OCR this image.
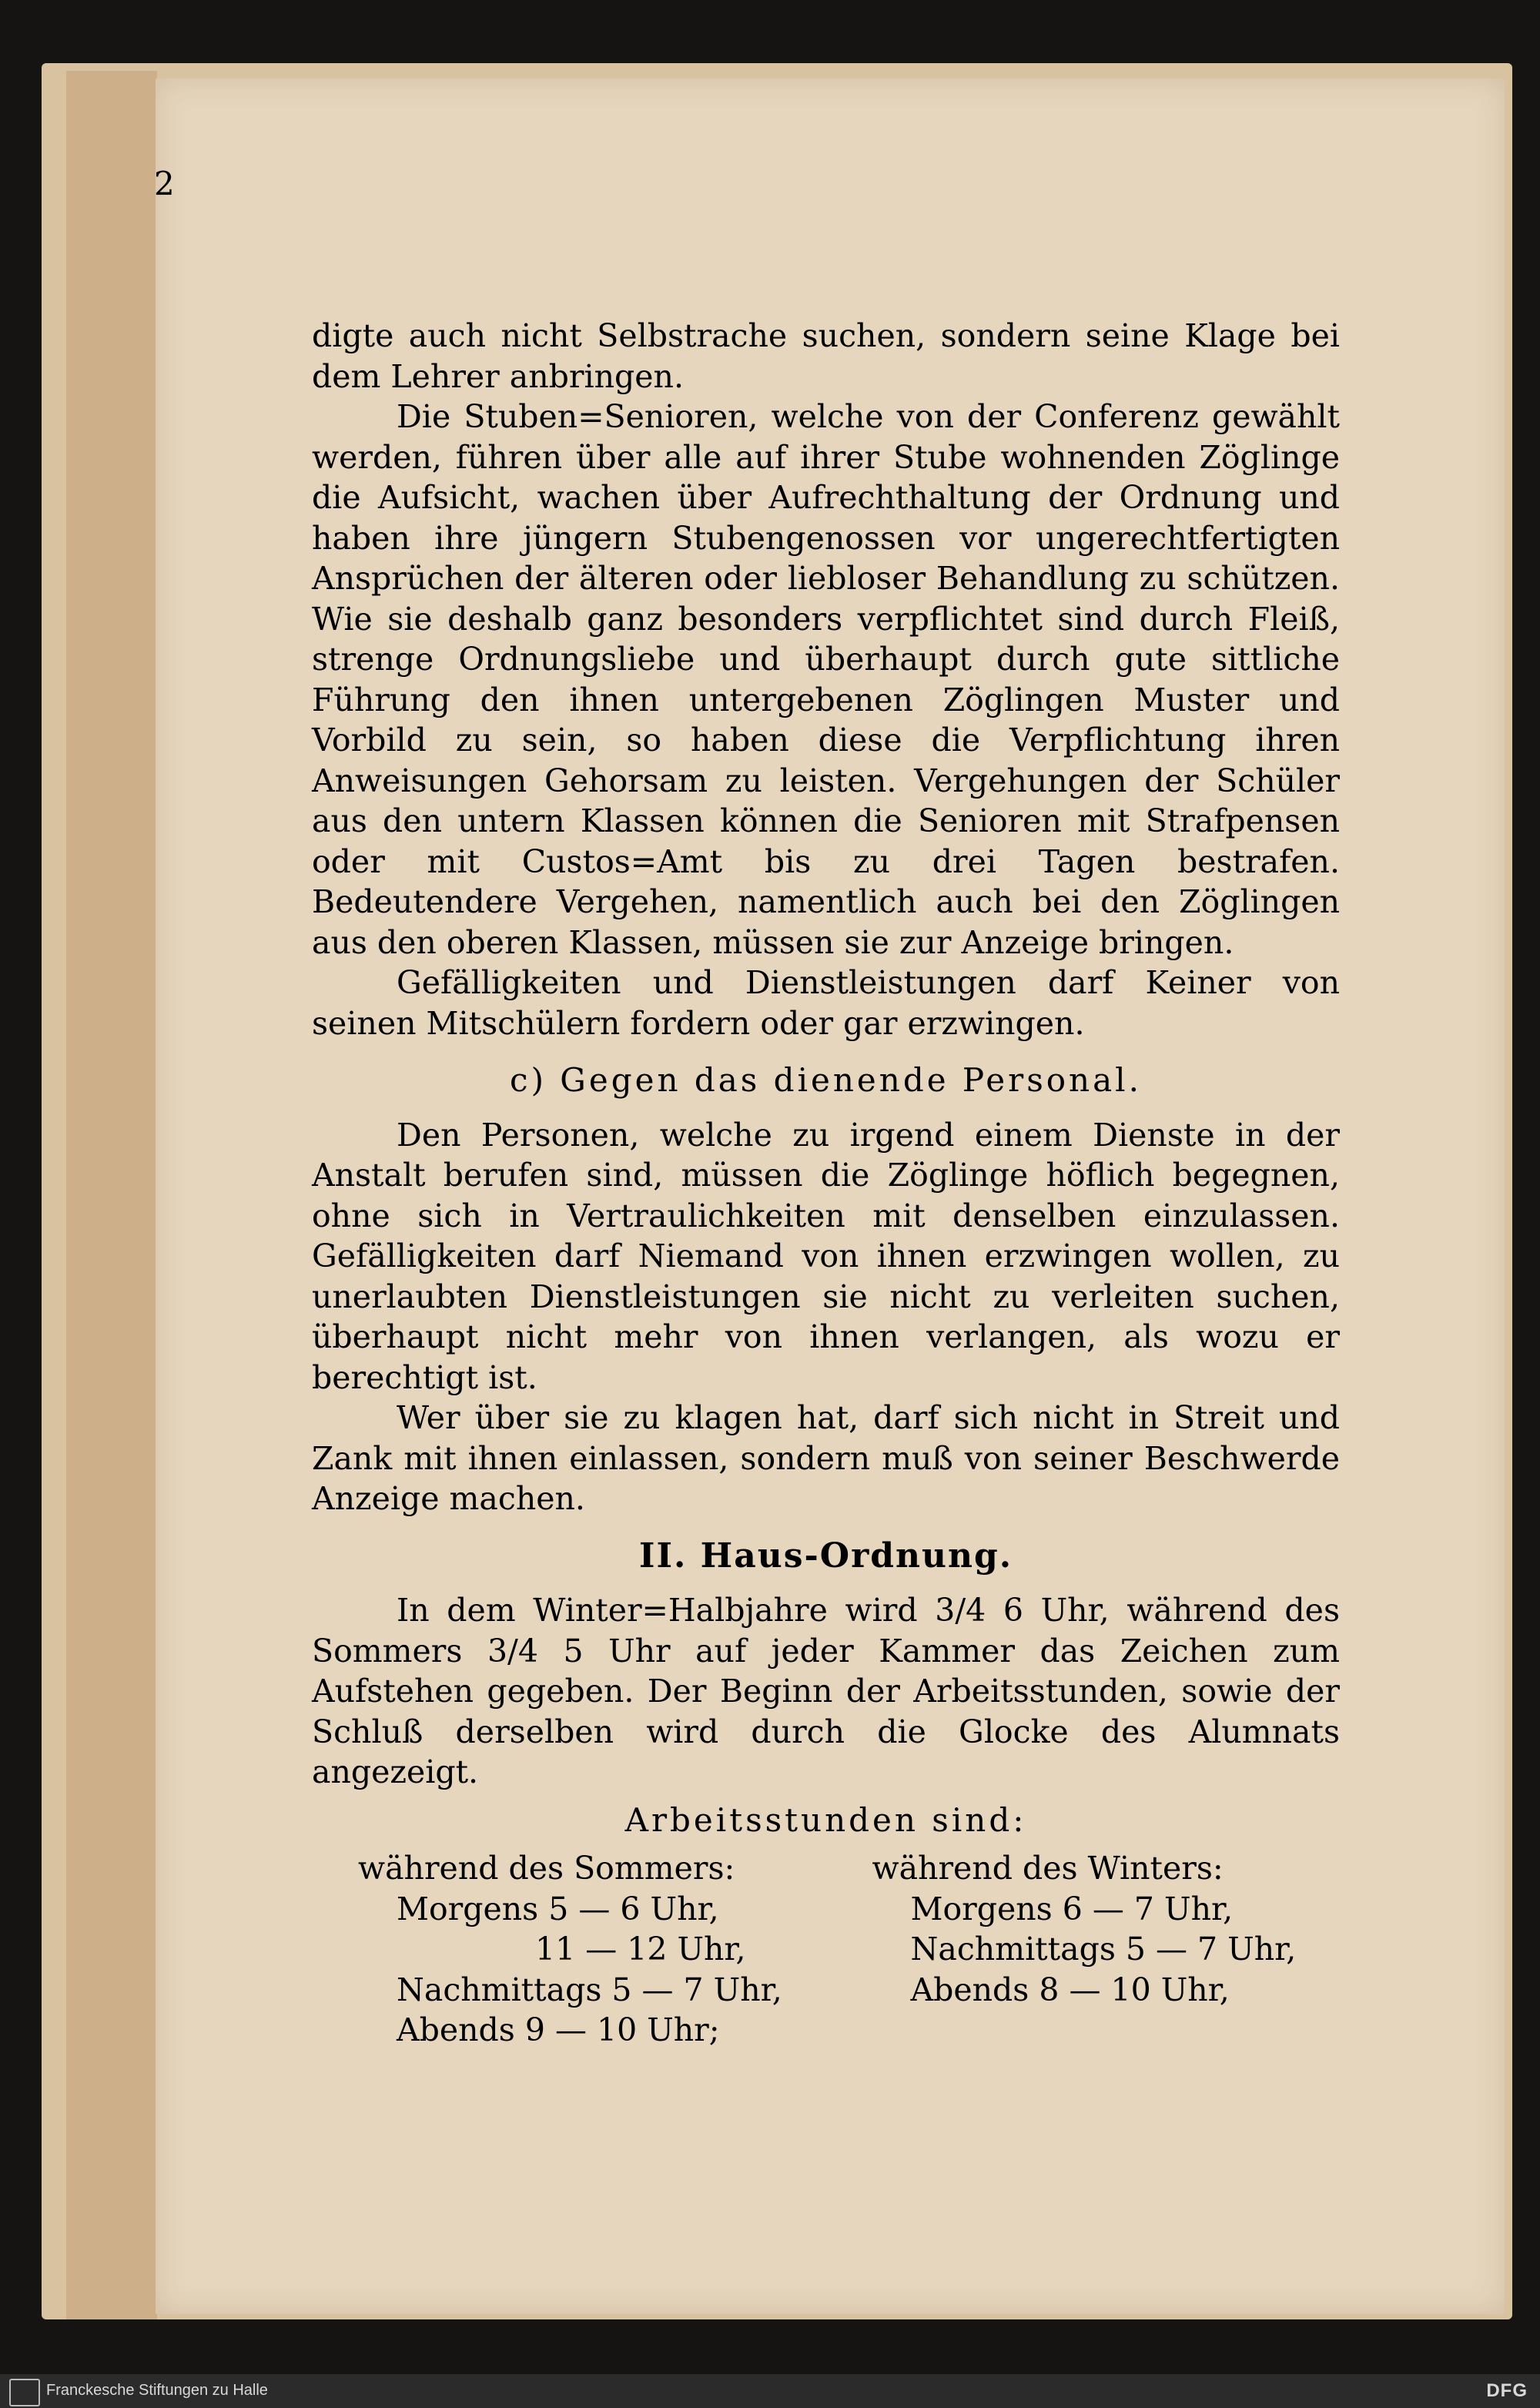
2

digte auch nicht Selbstrache suchen, sondern seine Klage bei dem Lehrer anbringen.

Die Stuben=Senioren, welche von der Conferenz gewählt werden, führen über alle auf ihrer Stube wohnenden Zöglinge die Aufsicht, wachen über Aufrechthaltung der Ordnung und haben ihre jüngern Stubengenossen vor ungerechtfertigten Ansprüchen der älteren oder liebloser Behandlung zu schützen. Wie sie deshalb ganz besonders verpflichtet sind durch Fleiß, strenge Ordnungsliebe und überhaupt durch gute sittliche Führung den ihnen untergebenen Zöglingen Muster und Vorbild zu sein, so haben diese die Verpflichtung ihren Anweisungen Gehorsam zu leisten. Vergehungen der Schüler aus den untern Klassen können die Senioren mit Strafpensen oder mit Custos=Amt bis zu drei Tagen bestrafen. Bedeutendere Vergehen, namentlich auch bei den Zöglingen aus den oberen Klassen, müssen sie zur Anzeige bringen.

Gefälligkeiten und Dienstleistungen darf Keiner von seinen Mitschülern fordern oder gar erzwingen.

c) Gegen das dienende Personal.

Den Personen, welche zu irgend einem Dienste in der Anstalt berufen sind, müssen die Zöglinge höflich begegnen, ohne sich in Vertraulichkeiten mit denselben einzulassen. Gefälligkeiten darf Niemand von ihnen erzwingen wollen, zu unerlaubten Dienstleistungen sie nicht zu verleiten suchen, überhaupt nicht mehr von ihnen verlangen, als wozu er berechtigt ist.

Wer über sie zu klagen hat, darf sich nicht in Streit und Zank mit ihnen einlassen, sondern muß von seiner Beschwerde Anzeige machen.

II. Haus-Ordnung.

In dem Winter=Halbjahre wird 3/4 6 Uhr, während des Sommers 3/4 5 Uhr auf jeder Kammer das Zeichen zum Aufstehen gegeben. Der Beginn der Arbeitsstunden, sowie der Schluß derselben wird durch die Glocke des Alumnats angezeigt.

Arbeitsstunden sind:

während des Sommers:
Morgens 5 — 6 Uhr,
11 — 12 Uhr,
Nachmittags 5 — 7 Uhr,
Abends 9 — 10 Uhr;
während des Winters:
Morgens 6 — 7 Uhr,
Nachmittags 5 — 7 Uhr,
Abends 8 — 10 Uhr,
Franckesche Stiftungen zu Halle	DFG
